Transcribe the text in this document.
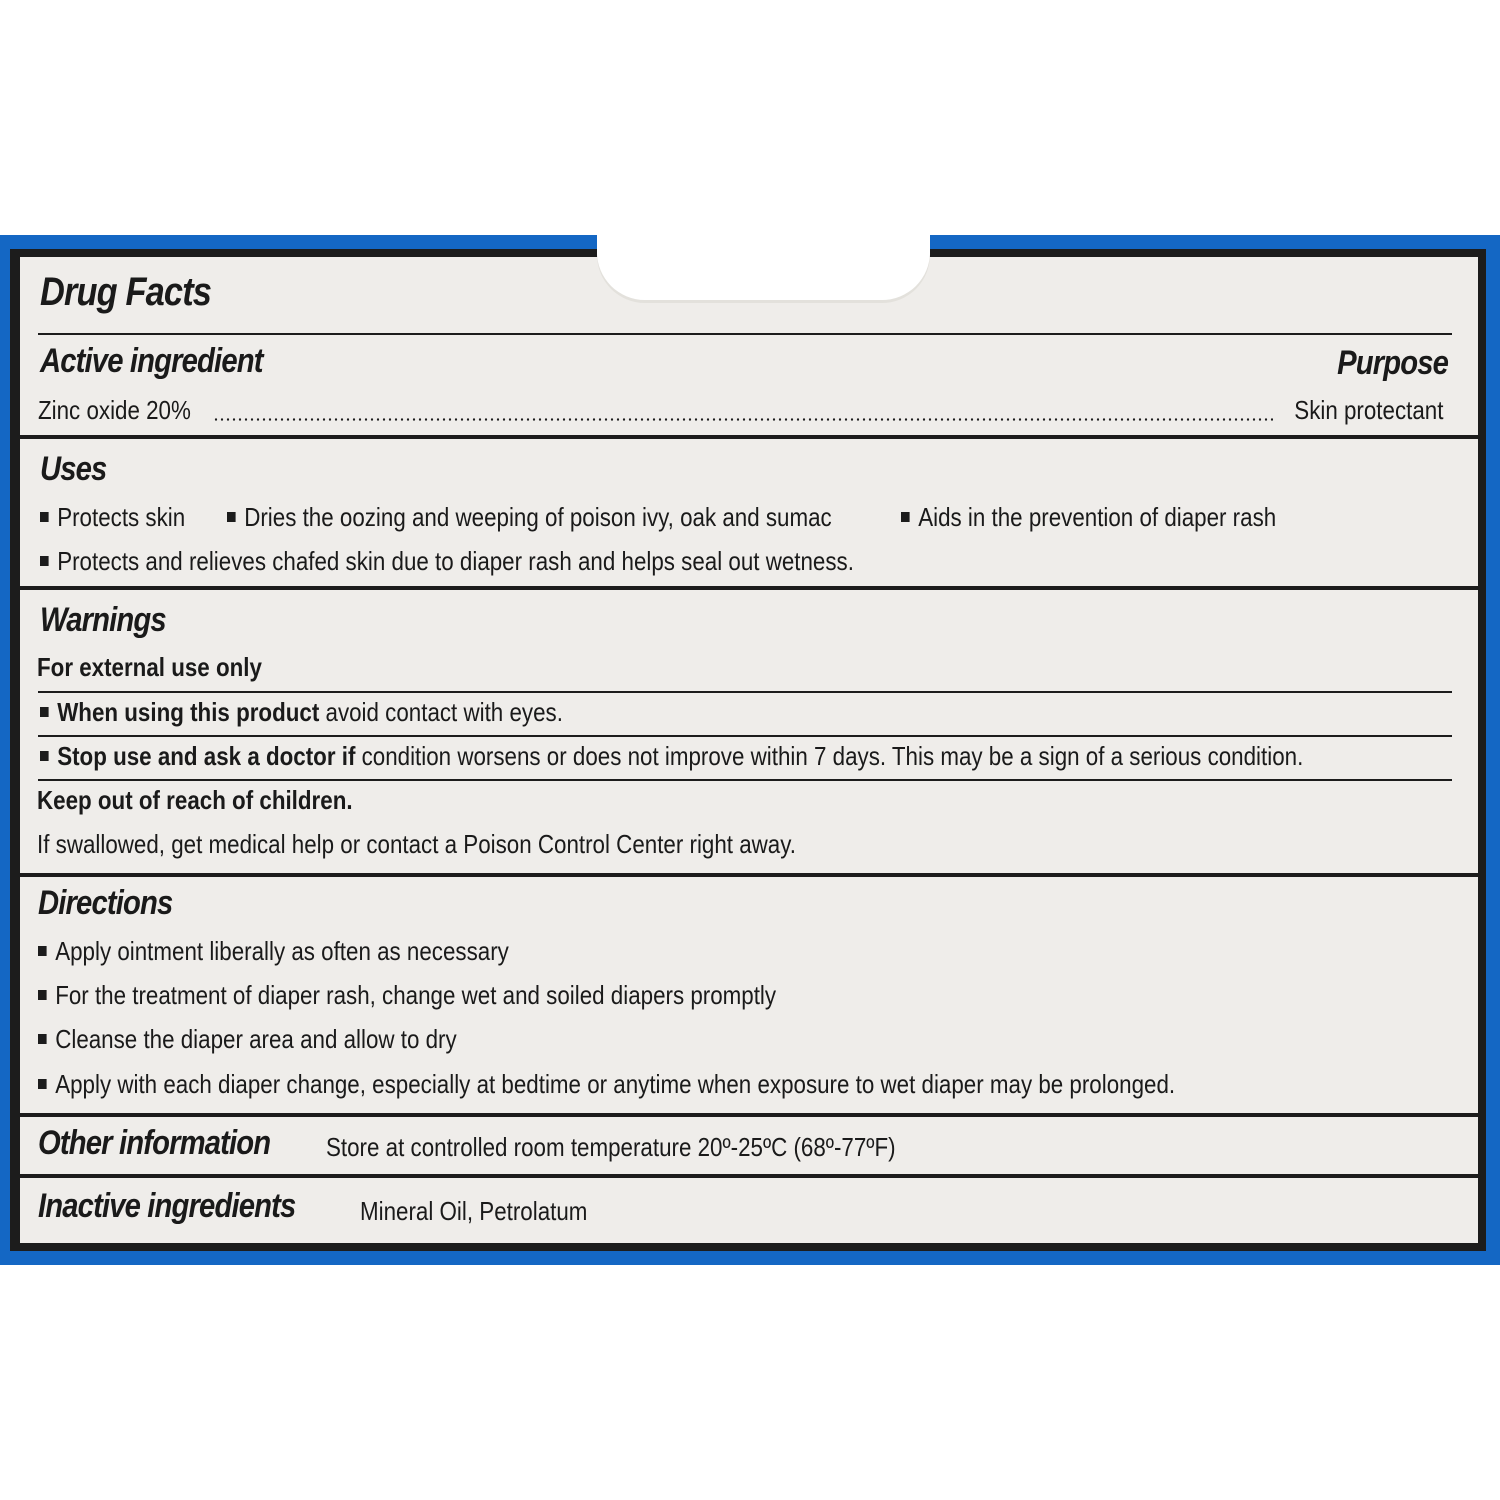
Drug Facts
Active ingredient	Purpose
Zinc oxide 20%	Skin protectant
Uses
Protects skin	Dries the oozing and weeping of poison ivy, oak and sumac	Aids in the prevention of diaper rash
Protects and relieves chafed skin due to diaper rash and helps seal out wetness.
Warnings
For external use only
When using this product avoid contact with eyes.
Stop use and ask a doctor if condition worsens or does not improve within 7 days. This may be a sign of a serious condition.
Keep out of reach of children.
If swallowed, get medical help or contact a Poison Control Center right away.
Directions
Apply ointment liberally as often as necessary
For the treatment of diaper rash, change wet and soiled diapers promptly
Cleanse the diaper area and allow to dry
Apply with each diaper change, especially at bedtime or anytime when exposure to wet diaper may be prolonged.
Other information Store at controlled room temperature 20º-25ºC (68º-77ºF)
Inactive ingredients Mineral Oil, Petrolatum
